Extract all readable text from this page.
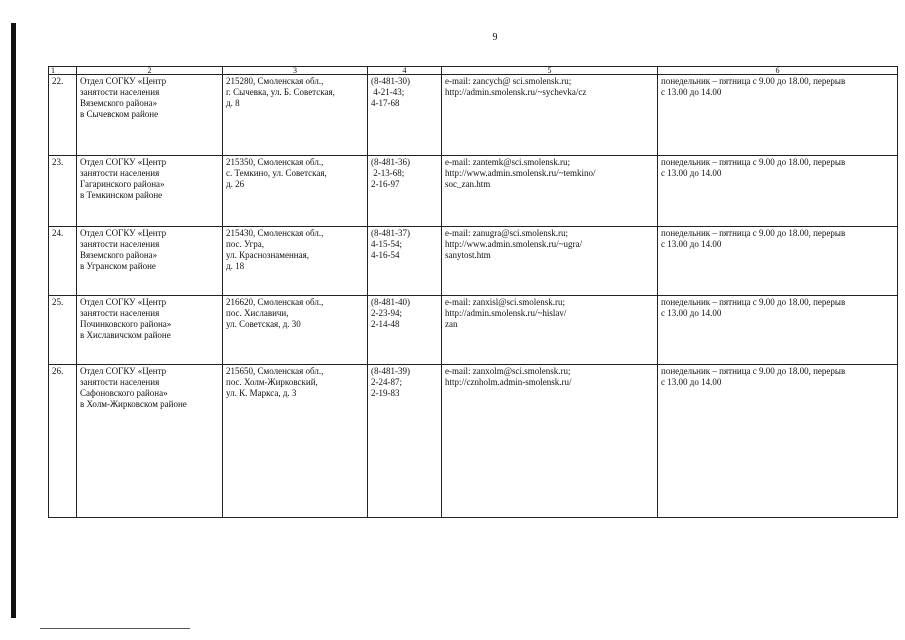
9
1	2	3	4	5	6

22.	Отдел СОГКУ «Центр
занятости населения
Вяземского района»
в Сычевском районе	215280, Смоленская обл.,
г. Сычевка, ул. Б. Советская,
д. 8	(8-481-30)
4-21-43;
4-17-68	e-mail: zancych@ sci.smolensk.ru;
http://admin.smolensk.ru/~sychevka/cz	понедельник – пятница с 9.00 до 18.00, перерыв
с 13.00 до 14.00

23.	Отдел СОГКУ «Центр
занятости населения
Гагаринского района»
в Темкинском районе	215350, Смоленская обл.,
с. Темкино, ул. Советская,
д. 26	(8-481-36)
2-13-68;
2-16-97	e-mail: zantemk@sci.smolensk.ru;
http://www.admin.smolensk.ru/~temkino/
soc_zan.htm	понедельник – пятница с 9.00 до 18.00, перерыв
с 13.00 до 14.00

24.	Отдел СОГКУ «Центр
занятости населения
Вяземского района»
в Угранском районе	215430, Смоленская обл.,
пос. Угра,
ул. Краснознаменная,
д. 18	(8-481-37)
4-15-54;
4-16-54	e-mail: zanugra@sci.smolensk.ru;
http://www.admin.smolensk.ru/~ugra/
sanytost.htm	понедельник – пятница с 9.00 до 18.00, перерыв
с 13.00 до 14.00

25.	Отдел СОГКУ «Центр
занятости населения
Починковского района»
в Хиславичском районе	216620, Смоленская обл.,
пос. Хиславичи,
ул. Советская, д. 30	(8-481-40)
2-23-94;
2-14-48	e-mail: zanxisl@sci.smolensk.ru;
http://admin.smolensk.ru/~hislav/
zan	понедельник – пятница с 9.00 до 18.00, перерыв
с 13.00 до 14.00

26.	Отдел СОГКУ «Центр
занятости населения
Сафоновского района»
в Холм-Жирковском районе	215650, Смоленская обл.,
пос. Холм-Жирковский,
ул. К. Маркса, д. 3	(8-481-39)
2-24-87;
2-19-83	e-mail: zanxolm@sci.smolensk.ru;
http://cznholm.admin-smolensk.ru/	понедельник – пятница с 9.00 до 18.00, перерыв
с 13.00 до 14.00
